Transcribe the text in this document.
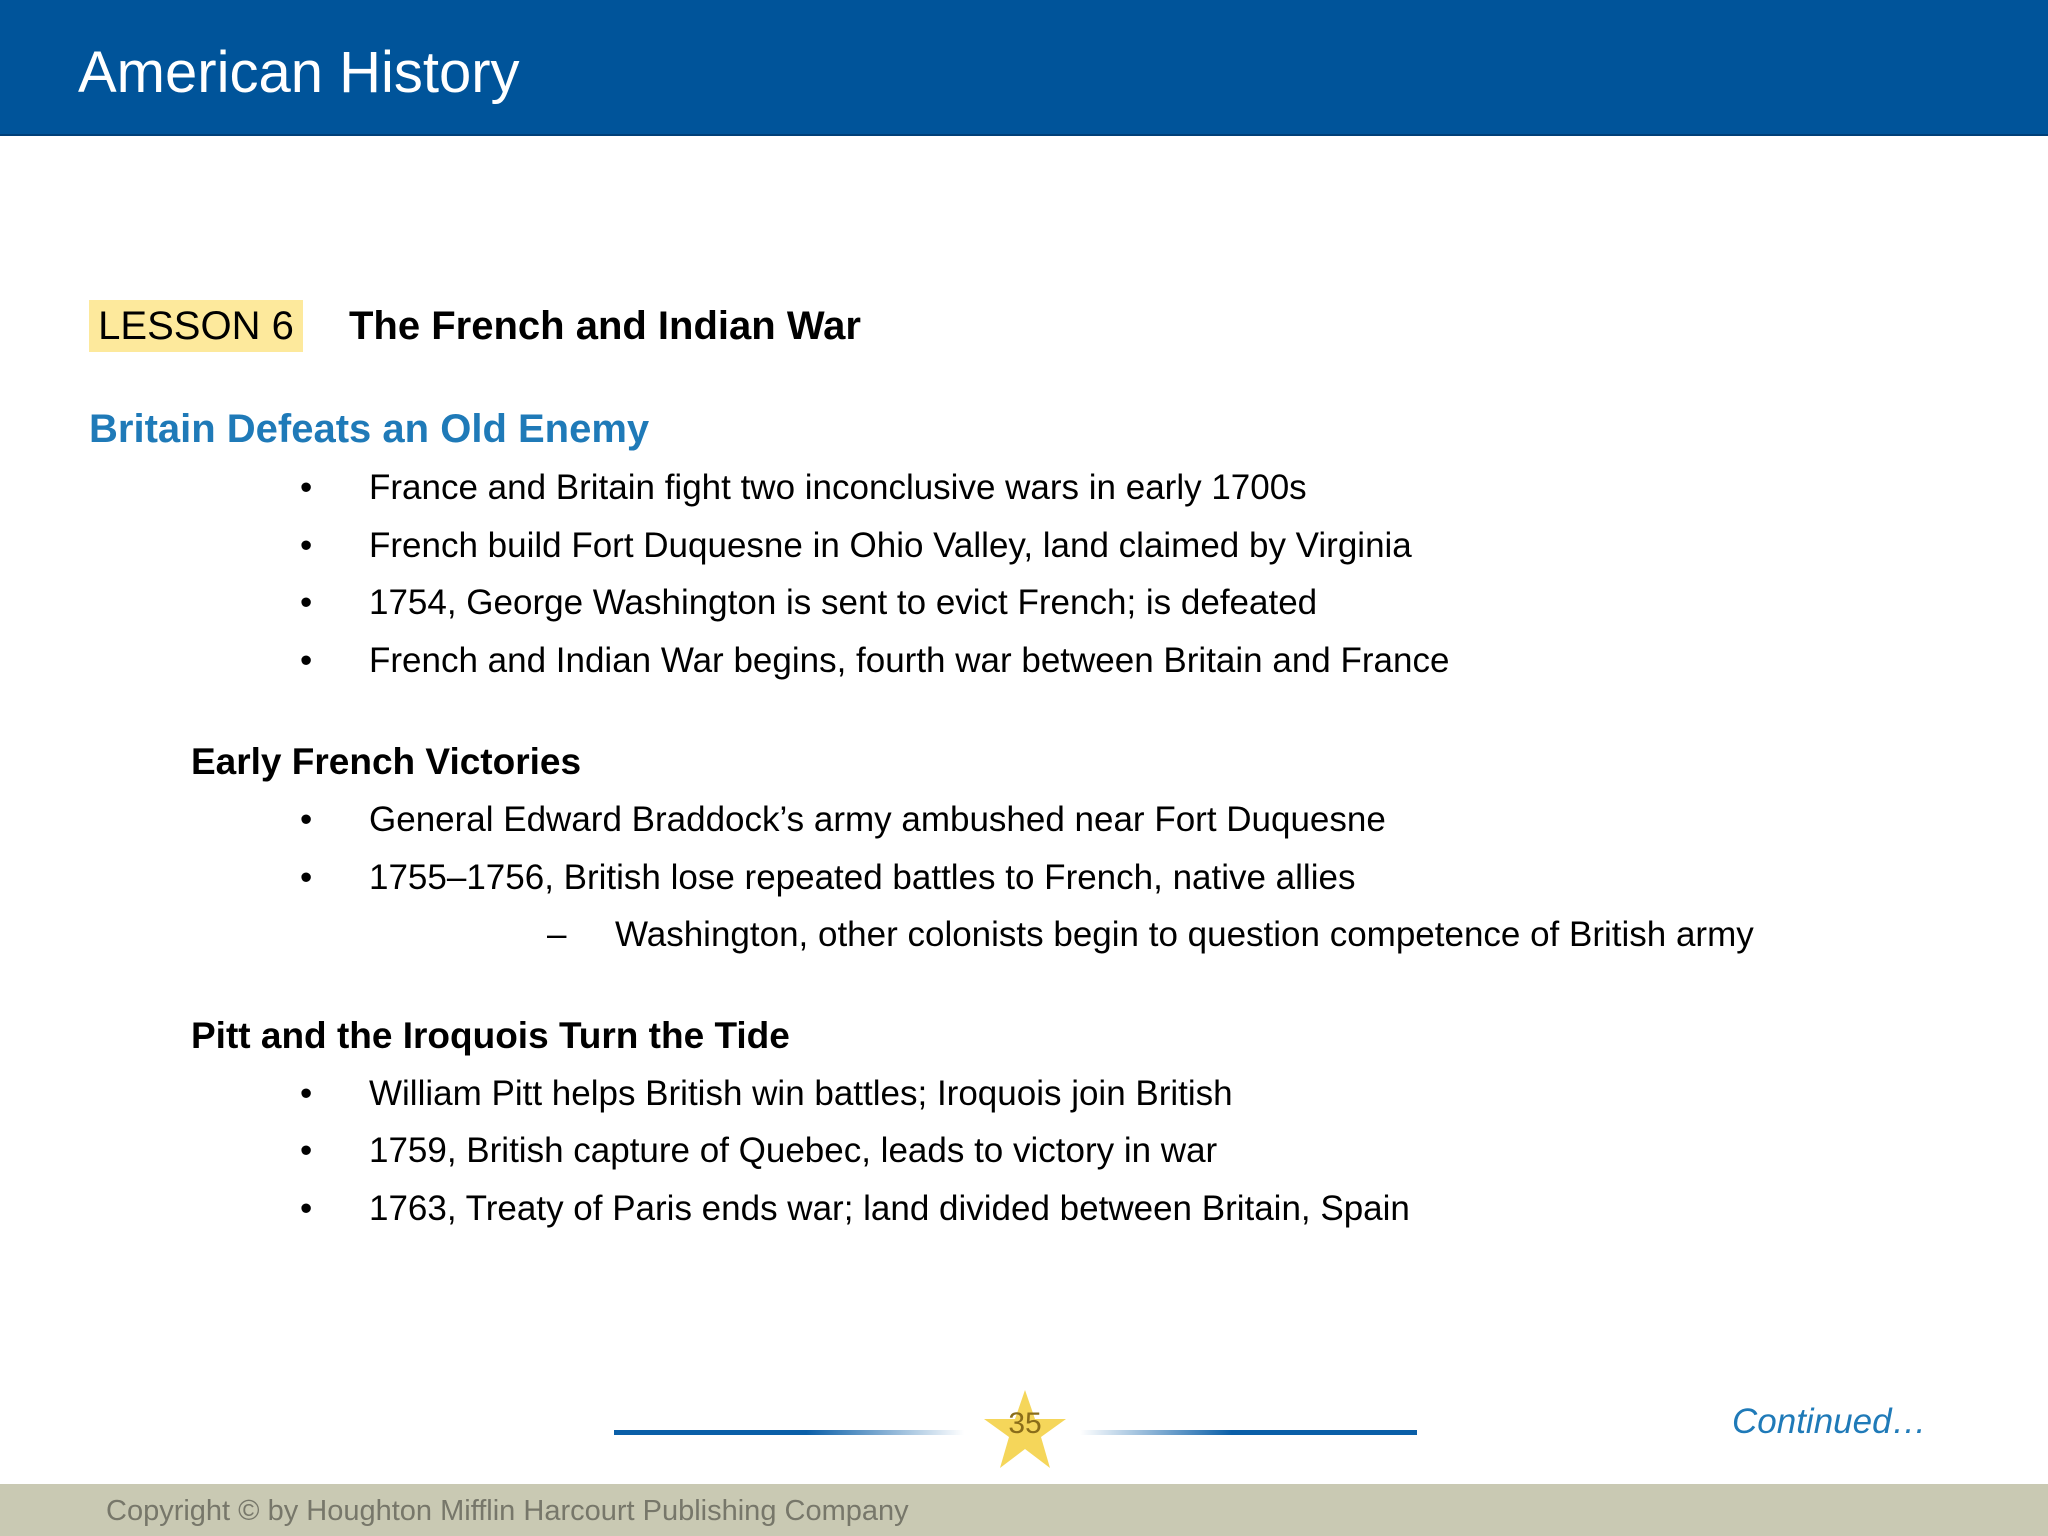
American History
LESSON 6 The French and Indian War
Britain Defeats an Old Enemy
•	France and Britain fight two inconclusive wars in early 1700s
•	French build Fort Duquesne in Ohio Valley, land claimed by Virginia
•	1754, George Washington is sent to evict French; is defeated
•	French and Indian War begins, fourth war between Britain and France
Early French Victories
•	General Edward Braddock’s army ambushed near Fort Duquesne
•	1755–1756, British lose repeated battles to French, native allies
– Washington, other colonists begin to question competence of British army
Pitt and the Iroquois Turn the Tide
•	William Pitt helps British win battles; Iroquois join British
•	1759, British capture of Quebec, leads to victory in war
•	1763, Treaty of Paris ends war; land divided between Britain, Spain
35	Continued…
Copyright © by Houghton Mifflin Harcourt Publishing Company
